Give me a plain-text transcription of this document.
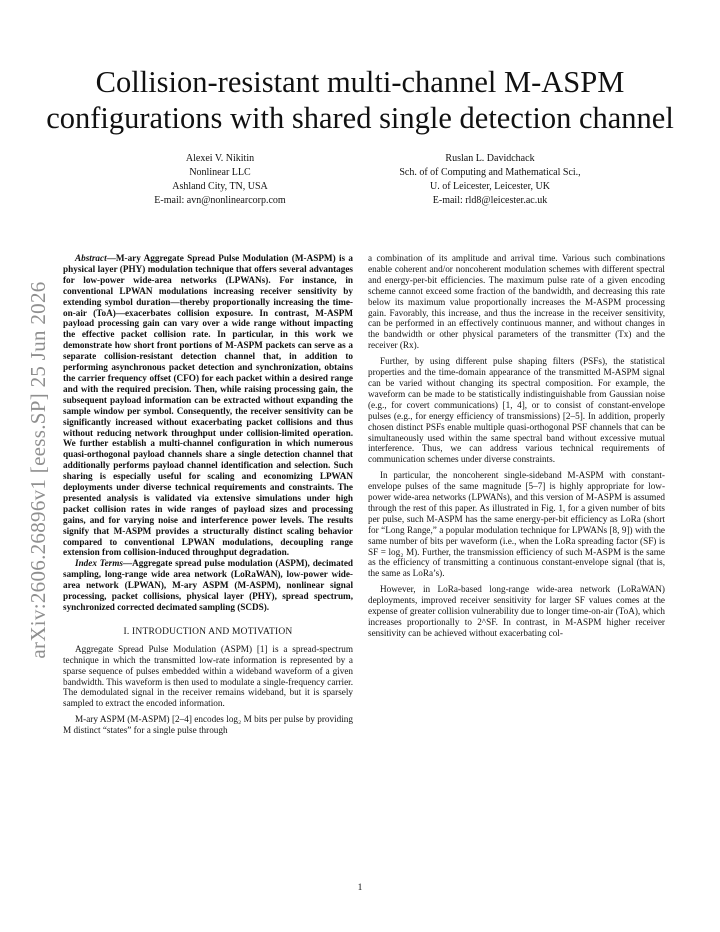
Collision-resistant multi-channel M-ASPM
configurations with shared single detection channel
Alexei V. Nikitin
Nonlinear LLC
Ashland City, TN, USA
E-mail: avn@nonlinearcorp.com
Ruslan L. Davidchack
Sch. of of Computing and Mathematical Sci.,
U. of Leicester, Leicester, UK
E-mail: rld8@leicester.ac.uk
arXiv:2606.26896v1 [eess.SP] 25 Jun 2026

Abstract—M-ary Aggregate Spread Pulse Modulation (M-ASPM) is a physical layer (PHY) modulation technique that offers several advantages for low-power wide-area networks (LPWANs). For instance, in conventional LPWAN modulations increasing receiver sensitivity by extending symbol duration—thereby proportionally increasing the time-on-air (ToA)—exacerbates collision exposure. In contrast, M-ASPM payload processing gain can vary over a wide range without impacting the effective packet collision rate. In particular, in this work we demonstrate how short front portions of M-ASPM packets can serve as a separate collision-resistant detection channel that, in addition to performing asynchronous packet detection and synchronization, obtains the carrier frequency offset (CFO) for each packet within a desired range and with the required precision. Then, while raising processing gain, the subsequent payload information can be extracted without expanding the sample window per symbol. Consequently, the receiver sensitivity can be significantly increased without exacerbating packet collisions and thus without reducing network throughput under collision-limited operation. We further establish a multi-channel configuration in which numerous quasi-orthogonal payload channels share a single detection channel that additionally performs payload channel identification and selection. Such sharing is especially useful for scaling and economizing LPWAN deployments under diverse technical requirements and constraints. The presented analysis is validated via extensive simulations under high packet collision rates in wide ranges of payload sizes and processing gains, and for varying noise and interference power levels. The results signify that M-ASPM provides a structurally distinct scaling behavior compared to conventional LPWAN modulations, decoupling range extension from collision-induced throughput degradation.

Index Terms—Aggregate spread pulse modulation (ASPM), decimated sampling, long-range wide area network (LoRaWAN), low-power wide-area network (LPWAN), M-ary ASPM (M-ASPM), nonlinear signal processing, packet collisions, physical layer (PHY), spread spectrum, synchronized corrected decimated sampling (SCDS).

I. INTRODUCTION AND MOTIVATION

Aggregate Spread Pulse Modulation (ASPM) [1] is a spread-spectrum technique in which the transmitted low-rate information is represented by a sparse sequence of pulses embedded within a wideband waveform of a given bandwidth. This waveform is then used to modulate a single-frequency carrier. The demodulated signal in the receiver remains wideband, but it is sparsely sampled to extract the encoded information.

M-ary ASPM (M-ASPM) [2–4] encodes log₂ M bits per pulse by providing M distinct “states” for a single pulse through

a combination of its amplitude and arrival time. Various such combinations enable coherent and/or noncoherent modulation schemes with different spectral and energy-per-bit efficiencies. The maximum pulse rate of a given encoding scheme cannot exceed some fraction of the bandwidth, and decreasing this rate below its maximum value proportionally increases the M-ASPM processing gain. Favorably, this increase, and thus the increase in the receiver sensitivity, can be performed in an effectively continuous manner, and without changes in the bandwidth or other physical parameters of the transmitter (Tx) and the receiver (Rx).

Further, by using different pulse shaping filters (PSFs), the statistical properties and the time-domain appearance of the transmitted M-ASPM signal can be varied without changing its spectral composition. For example, the waveform can be made to be statistically indistinguishable from Gaussian noise (e.g., for covert communications) [1, 4], or to consist of constant-envelope pulses (e.g., for energy efficiency of transmissions) [2–5]. In addition, properly chosen distinct PSFs enable multiple quasi-orthogonal PSF channels that can be simultaneously used within the same spectral band without excessive mutual interference. Thus, we can address various technical requirements of communication schemes under diverse constraints.

In particular, the noncoherent single-sideband M-ASPM with constant-envelope pulses of the same magnitude [5–7] is highly appropriate for low-power wide-area networks (LPWANs), and this version of M-ASPM is assumed through the rest of this paper. As illustrated in Fig. 1, for a given number of bits per pulse, such M-ASPM has the same energy-per-bit efficiency as LoRa (short for “Long Range,” a popular modulation technique for LPWANs [8, 9]) with the same number of bits per waveform (i.e., when the LoRa spreading factor (SF) is SF = log₂ M). Further, the transmission efficiency of such M-ASPM is the same as the efficiency of transmitting a continuous constant-envelope signal (that is, the same as LoRa’s).

However, in LoRa-based long-range wide-area network (LoRaWAN) deployments, improved receiver sensitivity for larger SF values comes at the expense of greater collision vulnerability due to longer time-on-air (ToA), which increases proportionally to 2^SF. In contrast, in M-ASPM higher receiver sensitivity can be achieved without exacerbating col-

1
